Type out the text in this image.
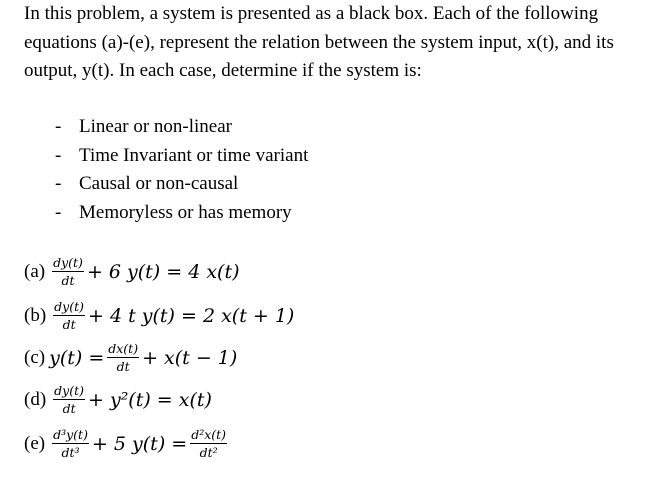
In this problem, a system is presented as a black box. Each of the following equations (a)-(e), represent the relation between the system input, x(t), and its output, y(t). In each case, determine if the system is:

- Linear or non-linear
- Time Invariant or time variant
- Causal or non-causal
- Memoryless or has memory
$(a) \frac{dy(t)}{dt} + 6$ y(t) = 4 x(t)
$(b) \frac{dy(t)}{dt} + 4$ t y(t) = 2 x(t + 1)
(c) $y(t) = \frac{dx(t)}{dt} + x(t - 1)$
$(d) \frac{dy(t)}{dt} + y^2(t) = x(t)$
$(e) \frac{\text{d³y(t)}}{\text{dt³}} + 5$ $y(t) = \frac{\text{d²x(t)}}{\text{dt²}}$
